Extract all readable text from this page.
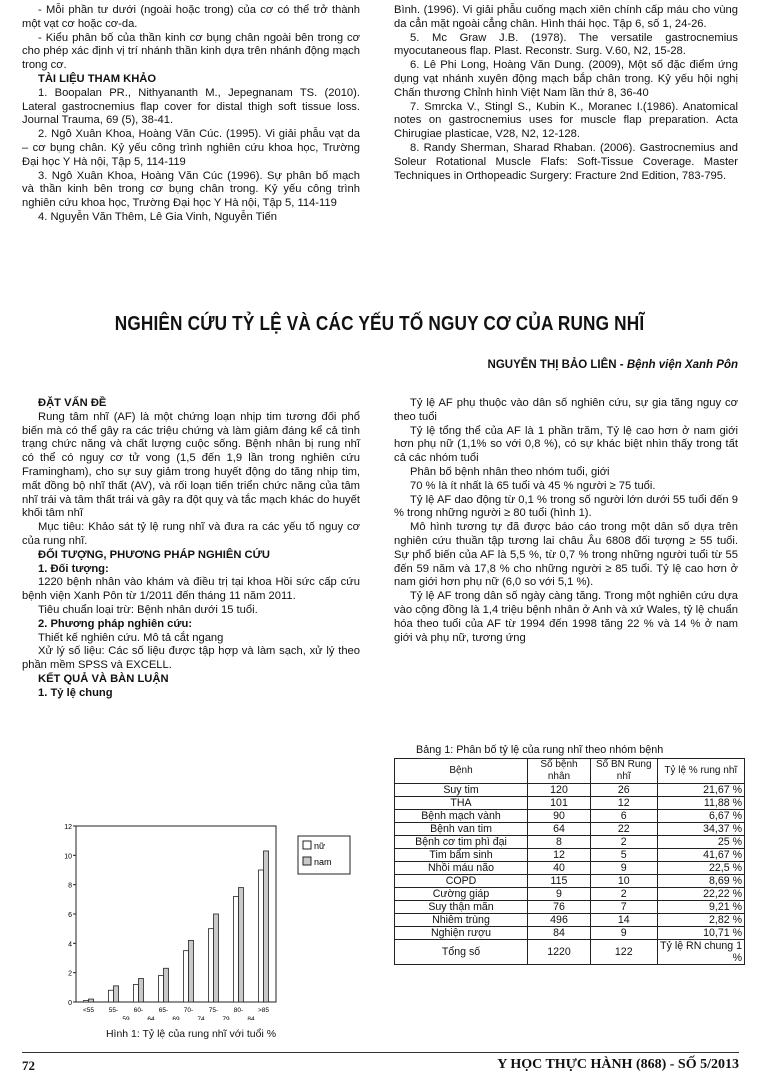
- Mỗi phần tư dưới (ngoài hoặc trong) của cơ có thể trở thành một vạt cơ hoặc cơ-da.

- Kiểu phân bố của thần kinh cơ bụng chân ngoài bên trong cơ cho phép xác định vị trí nhánh thần kinh dựa trên nhánh động mạch trong cơ.

TÀI LIỆU THAM KHẢO

1. Boopalan PR., Nithyananth M., Jepegnanam TS. (2010). Lateral gastrocnemius flap cover for distal thigh soft tissue loss. Journal Trauma, 69 (5), 38-41.

2. Ngô Xuân Khoa, Hoàng Văn Cúc. (1995). Vi giải phẫu vạt da – cơ bụng chân. Kỷ yếu công trình nghiên cứu khoa học, Trường Đại học Y Hà nội, Tập 5, 114-119

3. Ngô Xuân Khoa, Hoàng Văn Cúc (1996). Sự phân bố mạch và thần kinh bên trong cơ bụng chân trong. Kỷ yếu công trình nghiên cứu khoa học, Trường Đại học Y Hà nội, Tập 5, 114-119

4. Nguyễn Văn Thêm, Lê Gia Vinh, Nguyễn Tiến

Bình. (1996). Vi giải phẫu cuống mạch xiên chính cấp máu cho vùng da cẳn mặt ngoài cẳng chân. Hình thái học. Tập 6, số 1, 24-26.

5. Mc Graw J.B. (1978). The versatile gastrocnemius myocutaneous flap. Plast. Reconstr. Surg. V.60, N2, 15-28.

6. Lê Phi Long, Hoàng Văn Dung. (2009), Một số đặc điểm ứng dụng vạt nhánh xuyên động mạch bắp chân trong. Kỷ yếu hội nghị Chấn thương Chỉnh hình Việt Nam lần thứ 8, 36-40

7. Smrcka V., Stingl S., Kubin K., Moranec I.(1986). Anatomical notes on gastrocnemius uses for muscle flap preparation. Acta Chirugiae plasticae, V28, N2, 12-128.

8. Randy Sherman, Sharad Rhaban. (2006). Gastrocnemius and Soleur Rotational Muscle Flafs: Soft-Tissue Coverage. Master Techniques in Orthopeadic Surgery: Fracture 2nd Edition, 783-795.

NGHIÊN CỨU TỶ LỆ VÀ CÁC YẾU TỐ NGUY CƠ CỦA RUNG NHĨ
NGUYỄN THỊ BẢO LIÊN - Bệnh viện Xanh Pôn

ĐẶT VẤN ĐỀ

Rung tâm nhĩ (AF) là một chứng loạn nhịp tim tương đối phổ biến mà có thể gây ra các triệu chứng và làm giảm đáng kể cả tình trạng chức năng và chất lượng cuộc sống. Bệnh nhân bị rung nhĩ có thể có nguy cơ tử vong (1,5 đến 1,9 lần trong nghiên cứu Framingham), cho sự suy giảm trong huyết động do tăng nhịp tim, mất đồng bộ nhĩ thất (AV), và rối loạn tiến triển chức năng của tâm nhĩ trái và tâm thất trái và gây ra đột quỵ và tắc mạch khác do huyết khối tâm nhĩ

Mục tiêu: Khảo sát tỷ lệ rung nhĩ và đưa ra các yếu tố nguy cơ của rung nhĩ.

ĐỐI TƯỢNG, PHƯƠNG PHÁP NGHIÊN CỨU

1. Đối tượng:

1220 bệnh nhân vào khám và điều trị tại khoa Hồi sức cấp cứu bệnh viện Xanh Pôn từ 1/2011 đến tháng 11 năm 2011.

Tiêu chuẩn loại trừ: Bệnh nhân dưới 15 tuổi.

2. Phương pháp nghiên cứu:

Thiết kế nghiên cứu. Mô tả cắt ngang

Xử lý số liệu: Các số liệu được tập hợp và làm sạch, xử lý theo phần mềm SPSS và EXCELL.

KẾT QUẢ VÀ BÀN LUẬN

1. Tỷ lệ chung

0
2
4
6
8
10
12
<55 55-
59
60-
64
65-
69
70-
74
75-
79
80-
84
>85
nữ
nam
Hình 1: Tỷ lệ của rung nhĩ với tuổi %

Tỷ lệ AF phụ thuộc vào dân số nghiên cứu, sự gia tăng nguy cơ theo tuổi

Tỷ lệ tổng thể của AF là 1 phần trăm, Tỷ lệ cao hơn ở nam giới hơn phụ nữ (1,1% so với 0,8 %), có sự khác biệt nhìn thấy trong tất cả các nhóm tuổi

Phân bố bệnh nhân theo nhóm tuổi, giới

70 % là ít nhất là 65 tuổi và 45 % người ≥ 75 tuổi.

Tỷ lệ AF dao động từ 0,1 % trong số người lớn dưới 55 tuổi đến 9 % trong những người ≥ 80 tuổi (hình 1).

Mô hình tương tự đã được báo cáo trong một dân số dựa trên nghiên cứu thuần tập tương lai châu Âu 6808 đối tượng ≥ 55 tuổi. Sự phổ biến của AF là 5,5 %, từ 0,7 % trong những người tuổi từ 55 đến 59 năm và 17,8 % cho những người ≥ 85 tuổi. Tỷ lệ cao hơn ở nam giới hơn phụ nữ (6,0 so với 5,1 %).

Tỷ lệ AF trong dân số ngày càng tăng. Trong một nghiên cứu dựa vào cộng đồng là 1,4 triệu bệnh nhân ở Anh và xứ Wales, tỷ lệ chuẩn hóa theo tuổi của AF từ 1994 đến 1998 tăng 22 % và 14 % ở nam giới và phụ nữ, tương ứng

Bảng 1: Phân bố tỷ lệ của rung nhĩ theo nhóm bệnh
Bệnh	Số bệnh nhân	Số BN Rung nhĩ	Tỷ lệ % rung nhĩ
Suy tim	120	26	21,67 %
THA	101	12	11,88 %
Bệnh mạch vành	90	6	6,67 %
Bệnh van tim	64	22	34,37 %
Bệnh cơ tim phì đại	8	2	25 %
Tim bẩm sinh	12	5	41,67 %
Nhồi máu não	40	9	22,5 %
COPD	115	10	8,69 %
Cường giáp	9	2	22,22 %
Suy thận mãn	76	7	9,21 %
Nhiễm trùng	496	14	2,82 %
Nghiện rượu	84	9	10,71 %
Tổng số	1220	122	Tỷ lệ RN chung 1 %
72	Y HỌC THỰC HÀNH (868) - SỐ 5/2013
